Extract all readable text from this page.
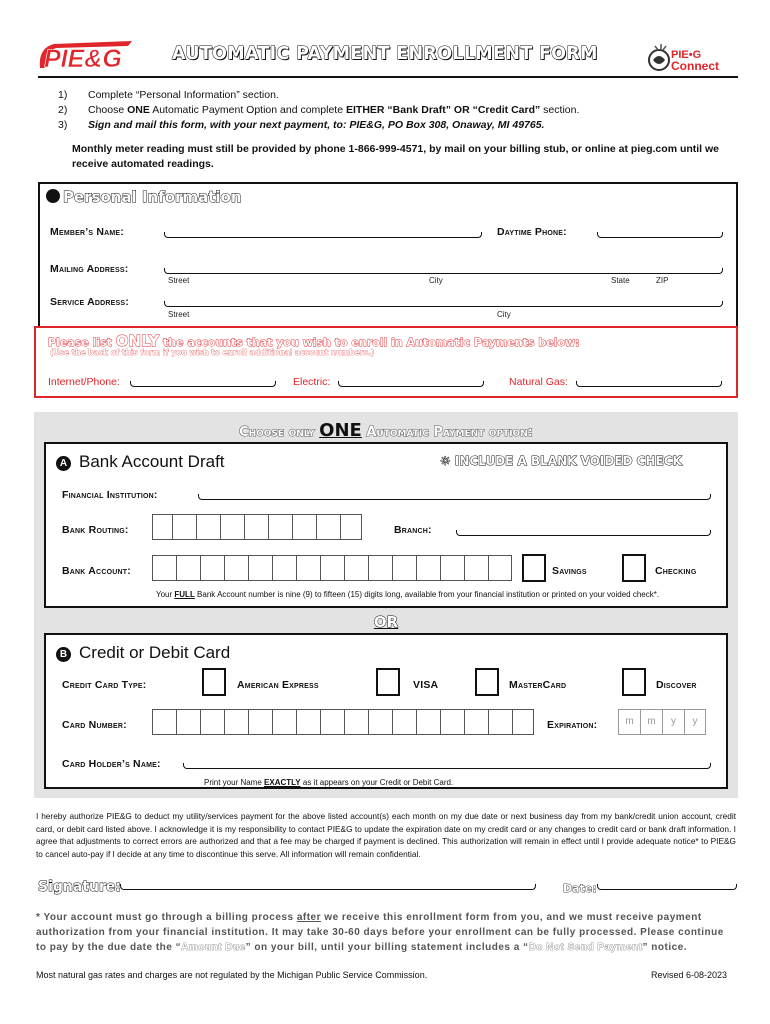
PIE&G	AUTOMATIC PAYMENT ENROLLMENT FORM	PIE•G
Connect
1) Complete “Personal Information” section.
2) Choose ONE Automatic Payment Option and complete EITHER “Bank Draft” OR “Credit Card” section.
3) Sign and mail this form, with your next payment, to: PIE&G, PO Box 308, Onaway, MI 49765.
Monthly meter reading must still be provided by phone 1-866-999-4571, by mail on your billing stub, or online at pieg.com until we receive automated readings.
Personal Information
Member’s Name:	Daytime Phone:
Mailing Address:
Street	City	State	ZIP
Service Address:
Street	City
Please list ONLY the accounts that you wish to enroll in Automatic Payments below:
(Use the back of this form if you wish to enroll additional account numbers.)
Internet/Phone:	Electric:	Natural Gas:
Choose only ONE Automatic Payment option:
A Bank Account Draft	☼ INCLUDE A BLANK VOIDED CHECK
Financial Institution:
Bank Routing:	Branch:
Bank Account:	Savings	Checking
Your FULL Bank Account number is nine (9) to fifteen (15) digits long, available from your financial institution or printed on your voided check*.
OR
B Credit or Debit Card
Credit Card Type:	American Express	VISA	MasterCard	Discover
Card Number:	Expiration:	m	m	y	y
Card Holder’s Name:
Print your Name EXACTLY as it appears on your Credit or Debit Card.
I hereby authorize PIE&G to deduct my utility/services payment for the above listed account(s) each month on my due date or next business day from my bank/credit union account, credit card, or debit card listed above. I acknowledge it is my responsibility to contact PIE&G to update the expiration date on my credit card or any changes to credit card or bank draft information. I agree that adjustments to correct errors are authorized and that a fee may be charged if payment is declined. This authorization will remain in effect until I provide adequate notice* to PIE&G to cancel auto-pay if I decide at any time to discontinue this serve. All information will remain confidential.
Signature:	Date:
* Your account must go through a billing process after we receive this enrollment form from you, and we must receive payment authorization from your financial institution. It may take 30-60 days before your enrollment can be fully processed. Please continue to pay by the due date the “Amount Due” on your bill, until your billing statement includes a “Do Not Send Payment” notice.
Most natural gas rates and charges are not regulated by the Michigan Public Service Commission.	Revised 6-08-2023
